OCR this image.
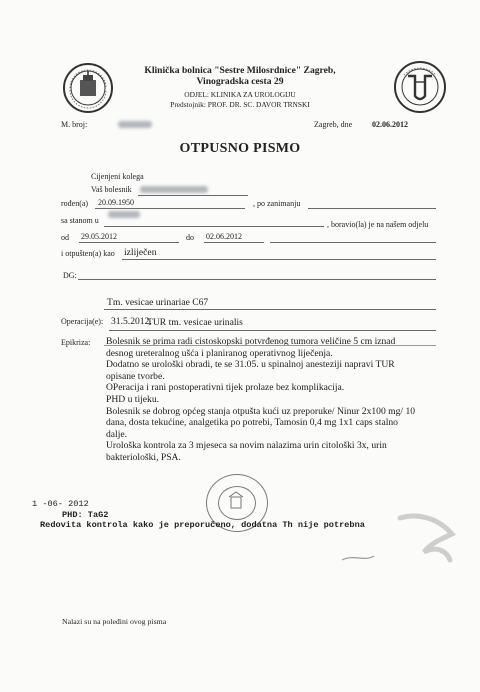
Klinička bolnica "Sestre Milosrdnice" Zagreb,
Vinogradska cesta 29
ODJEL: KLINIKA ZA UROLOGIJU
Predstojnik: PROF. DR. SC. DAVOR TRNSKI
M. broj:	Zagreb, dne 02.06.2012
OTPUSNO PISMO
Cijenjeni kolega
Vaš bolesnik
rođen(a) 20.09.1950	, po zanimanju
sa stanom u	, boravio(la) je na našem odjelu
od 29.05.2012	do 02.06.2012
i otpušten(a) kao izliječen
DG:
Tm. vesicae urinariae C67
Operacija(e): 31.5.2012.
TUR tm. vesicae urinalis
Epikriza: Bolesnik se prima radi cistoskopski potvrđenog tumora veličine 5 cm iznad
desnog ureteralnog ušća i planiranog operativnog liječenja.
Dodatno se urološki obradi, te se 31.05. u spinalnoj anesteziji napravi TUR
opisane tvorbe.
OPeracija i rani postoperativni tijek prolaze bez komplikacija.
PHD u tijeku.
Bolesnik se dobrog općeg stanja otpušta kući uz preporuke/ Ninur 2x100 mg/ 10
dana, dosta tekućine, analgetika po potrebi, Tamosin 0,4 mg 1x1 caps stalno
dalje.
Urološka kontrola za 3 mjeseca sa novim nalazima urin citološki 3x, urin
bakteriološki, PSA.
1 -06- 2012
PHD: TaG2
Redovita kontrola kako je preporučeno, dodatna Th nije potrebna
Nalazi su na poleđini ovog pisma
